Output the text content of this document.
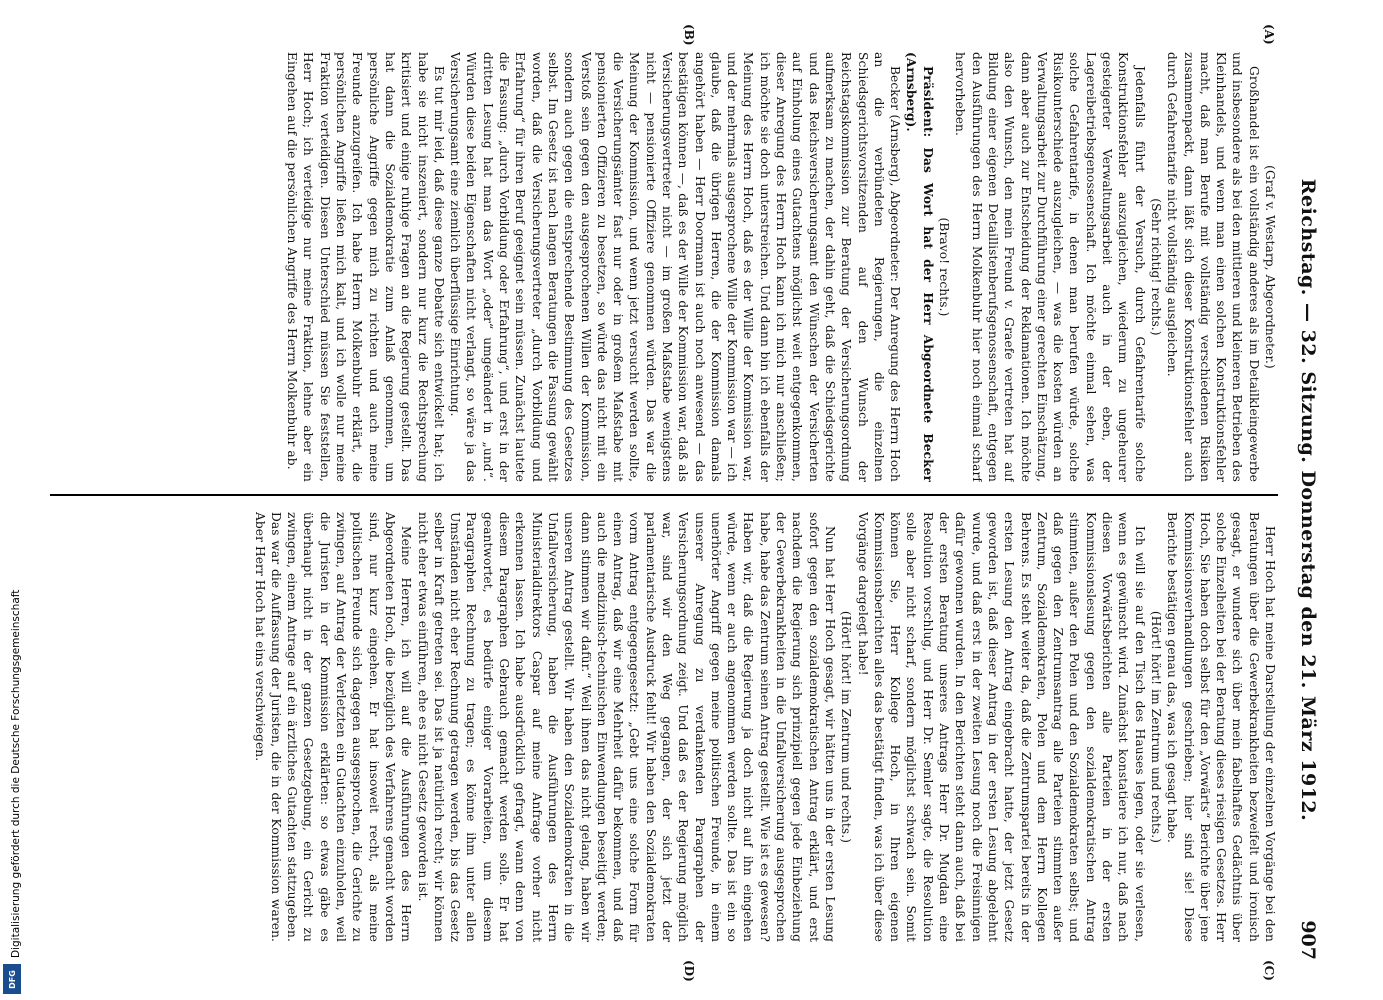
Reichstag. — 32. Sitzung. Donnerstag den 21. März 1912.
907
(A)
(B)
(C)
(D)

(Graf v. Westarp, Abgeordneter.)

Großhandel ist ein vollständig anderes als im Detailkleingewerbe und insbesondere als bei den mittleren und kleineren Betrieben des Kleinhandels, und wenn man einen solchen Konstruktionsfehler macht, daß man Berufe mit vollständig verschiedenen Risiken zusammenpackt, dann läßt sich dieser Konstruktionsfehler auch durch Gefahrentarife nicht vollständig ausgleichen.

(Sehr richtig! rechts.)

Jedenfalls führt der Versuch, durch Gefahrentarife solche Konstruktionsfehler auszugleichen, wiederum zu ungeheurer gesteigerter Verwaltungsarbeit auch in der eben, der Lagereibetriebsgenossenschaft. Ich möchte einmal sehen, was solche Gefahrentarife, in denen man berufen würde, solche Risikounterschiede auszugleichen, — was die kosten würden an Verwaltungsarbeit zur Durchführung einer gerechten Einschätzung, dann aber auch zur Entscheidung der Reklamationen. Ich möchte also den Wunsch, den mein Freund v. Graefe vertreten hat auf Bildung einer eigenen Detaillistenberufsgenossenschaft, entgegen den Ausführungen des Herrn Molkenbuhr hier noch einmal scharf hervorheben.

(Bravo! rechts.)

Präsident: Das Wort hat der Herr Abgeordnete Becker (Arnsberg).

Becker (Arnsberg), Abgeordneter: Der Anregung des Herrn Hoch an die verbündeten Regierungen, die einzelnen Schiedsgerichtsvorsitzenden auf den Wunsch der Reichstagskommission zur Beratung der Versicherungsordnung aufmerksam zu machen, der dahin geht, daß die Schiedsgerichte und das Reichsversicherungsamt den Wünschen der Versicherten auf Einholung eines Gutachtens möglichst weit entgegenkommen, dieser Anregung des Herrn Hoch kann ich mich nur anschließen; ich möchte sie doch unterstreichen. Und dann bin ich ebenfalls der Meinung des Herrn Hoch, daß es der Wille der Kommission war, und der mehrmals ausgesprochene Wille der Kommission war — ich glaube, daß die übrigen Herren, die der Kommission damals angehört haben — Herr Doormann ist auch noch anwesend — das bestätigen können —, daß es der Wille der Kommission war, daß als Versicherungsvertreter nicht — im großen Maßstabe wenigstens nicht — pensionierte Offiziere genommen würden. Das war die Meinung der Kommission, und wenn jetzt versucht werden sollte, die Versicherungsämter fast nur oder in großem Maßstabe mit pensionierten Offizieren zu besetzen, so würde das nicht mit ein Verstoß sein gegen den ausgesprochenen Willen der Kommission, sondern auch gegen die entsprechende Bestimmung des Gesetzes selbst. Im Gesetz ist nach langen Beratungen die Fassung gewählt worden, daß die Versicherungsvertreter „durch Vorbildung und Erfahrung“ für ihren Beruf geeignet sein müssen. Zunächst lautete die Fassung: „durch Vorbildung oder Erfahrung“, und erst in der dritten Lesung hat man das Wort „oder“ umgeändert in „und“. Würden diese beiden Eigenschaften nicht verlangt, so wäre ja das Versicherungsamt eine ziemlich überflüssige Einrichtung.

Es tut mir leid, daß diese ganze Debatte sich entwickelt hat; ich habe sie nicht inszeniert, sondern nur kurz die Rechtsprechung kritisiert und einige ruhige Fragen an die Regierung gestellt. Das hat dann die Sozialdemokratie zum Anlaß genommen, um persönliche Angriffe gegen mich zu richten und auch meine Freunde anzugreifen. Ich habe Herrn Molkenbuhr erklärt, die persönlichen Angriffe ließen mich kalt, und ich wolle nur meine Fraktion verteidigen. Diesen Unterschied müssen Sie feststellen, Herr Hoch; ich verteidige nur meine Fraktion, lehne aber ein Eingehen auf die persönlichen Angriffe des Herrn Molkenbuhr ab.

Herr Hoch hat meine Darstellung der einzelnen Vorgänge bei den Beratungen über die Gewerbekrankheiten bezweifelt und ironisch gesagt, er wundere sich über mein fabelhaftes Gedächtnis über solche Einzelheiten bei der Beratung dieses riesigen Gesetzes. Herr Hoch, Sie haben doch selbst für den „Vorwärts“ Berichte über jene Kommissionsverhandlungen geschrieben; hier sind sie! Diese Berichte bestätigen genau das, was ich gesagt habe.

(Hört! hört! im Zentrum und rechts.)

Ich will sie auf den Tisch des Hauses legen, oder sie verlesen, wenn es gewünscht wird. Zunächst konstatiere ich nur, daß nach diesen Vorwärtsberichten alle Parteien in der ersten Kommissionslesung gegen den sozialdemokratischen Antrag stimmten, außer den Polen und den Sozialdemokraten selbst; und daß gegen den Zentrumsantrag alle Parteien stimmten außer Zentrum, Sozialdemokraten, Polen und dem Herrn Kollegen Behrens. Es steht weiter da, daß die Zentrumspartei bereits in der ersten Lesung den Antrag eingebracht hatte, der jetzt Gesetz geworden ist, daß dieser Antrag in der ersten Lesung abgelehnt wurde, und daß erst in der zweiten Lesung noch die Freisinnigen dafür gewonnen wurden. In den Berichten steht dann auch, daß bei der ersten Beratung unseres Antrags Herr Dr. Mugdan eine Resolution vorschlug, und Herr Dr. Semler sagte, die Resolution solle aber nicht scharf, sondern möglichst schwach sein. Somit können Sie, Herr Kollege Hoch, in Ihren eigenen Kommissionsberichten alles das bestätigt finden, was ich über diese Vorgänge dargelegt habe!

(Hört! hört! im Zentrum und rechts.)

Nun hat Herr Hoch gesagt, wir hätten uns in der ersten Lesung sofort gegen den sozialdemokratischen Antrag erklärt, und erst nachdem die Regierung sich prinzipiell gegen jede Einbeziehung der Gewerbekrankheiten in die Unfallversicherung ausgesprochen habe, habe das Zentrum seinen Antrag gestellt. Wie ist es gewesen? Haben wir, daß die Regierung ja doch nicht auf ihn eingehen würde, wenn er auch angenommen werden sollte. Das ist ein so unerhörter Angriff gegen meine politischen Freunde, in einem unserer Anregung zu verdankenden Paragraphen der Versicherungsordnung zeigt. Und daß es der Regierung möglich war, sind wir den Weg gegangen, der sich jetzt der parlamentarische Ausdruck fehlt! Wir haben den Sozialdemokraten vorm Antrag entgegengesetzt: „Gebt uns eine solche Form für einen Antrag, daß wir eine Mehrheit dafür bekommen, und daß auch die medizinisch-technischen Einwendungen beseitigt werden; dann stimmen wir dafür.“ Weil ihnen das nicht gelang, haben wir unseren Antrag gestellt. Wir haben den Sozialdemokraten in die Unfallversicherung, haben die Ausführungen des Herrn Ministerialdirektors Caspar auf meine Anfrage vorher nicht erkennen lassen. Ich habe ausdrücklich gefragt, wann denn von diesem Paragraphen Gebrauch gemacht werden solle. Er hat geantwortet, es bedürfe einiger Vorarbeiten, um diesem Paragraphen Rechnung zu tragen; es könne ihm unter allen Umständen nicht eher Rechnung getragen werden, bis das Gesetz selber in Kraft getreten sei. Das ist ja natürlich recht; wir können nicht eher etwas einführen, ehe es nicht Gesetz geworden ist.

Meine Herren, ich will auf die Ausführungen des Herrn Abgeordneten Hoch, die bezüglich des Verfahrens gemacht worden sind, nur kurz eingehen. Er hat insoweit recht, als meine politischen Freunde sich dagegen ausgesprochen, die Gerichte zu zwingen, auf Antrag der Verletzten ein Gutachten einzuholen, weil die Juristen in der Kommission erklärten: so etwas gäbe es überhaupt nicht in der ganzen Gesetzgebung, ein Gericht zu zwingen, einem Antrage auf ein ärztliches Gutachten stattzugeben. Das war die Auffassung der Juristen, die in der Kommission waren. Aber Herr Hoch hat eins verschwiegen.

Digitalisierung gefördert durch die Deutsche Forschungsgemeinschaft
DFG
